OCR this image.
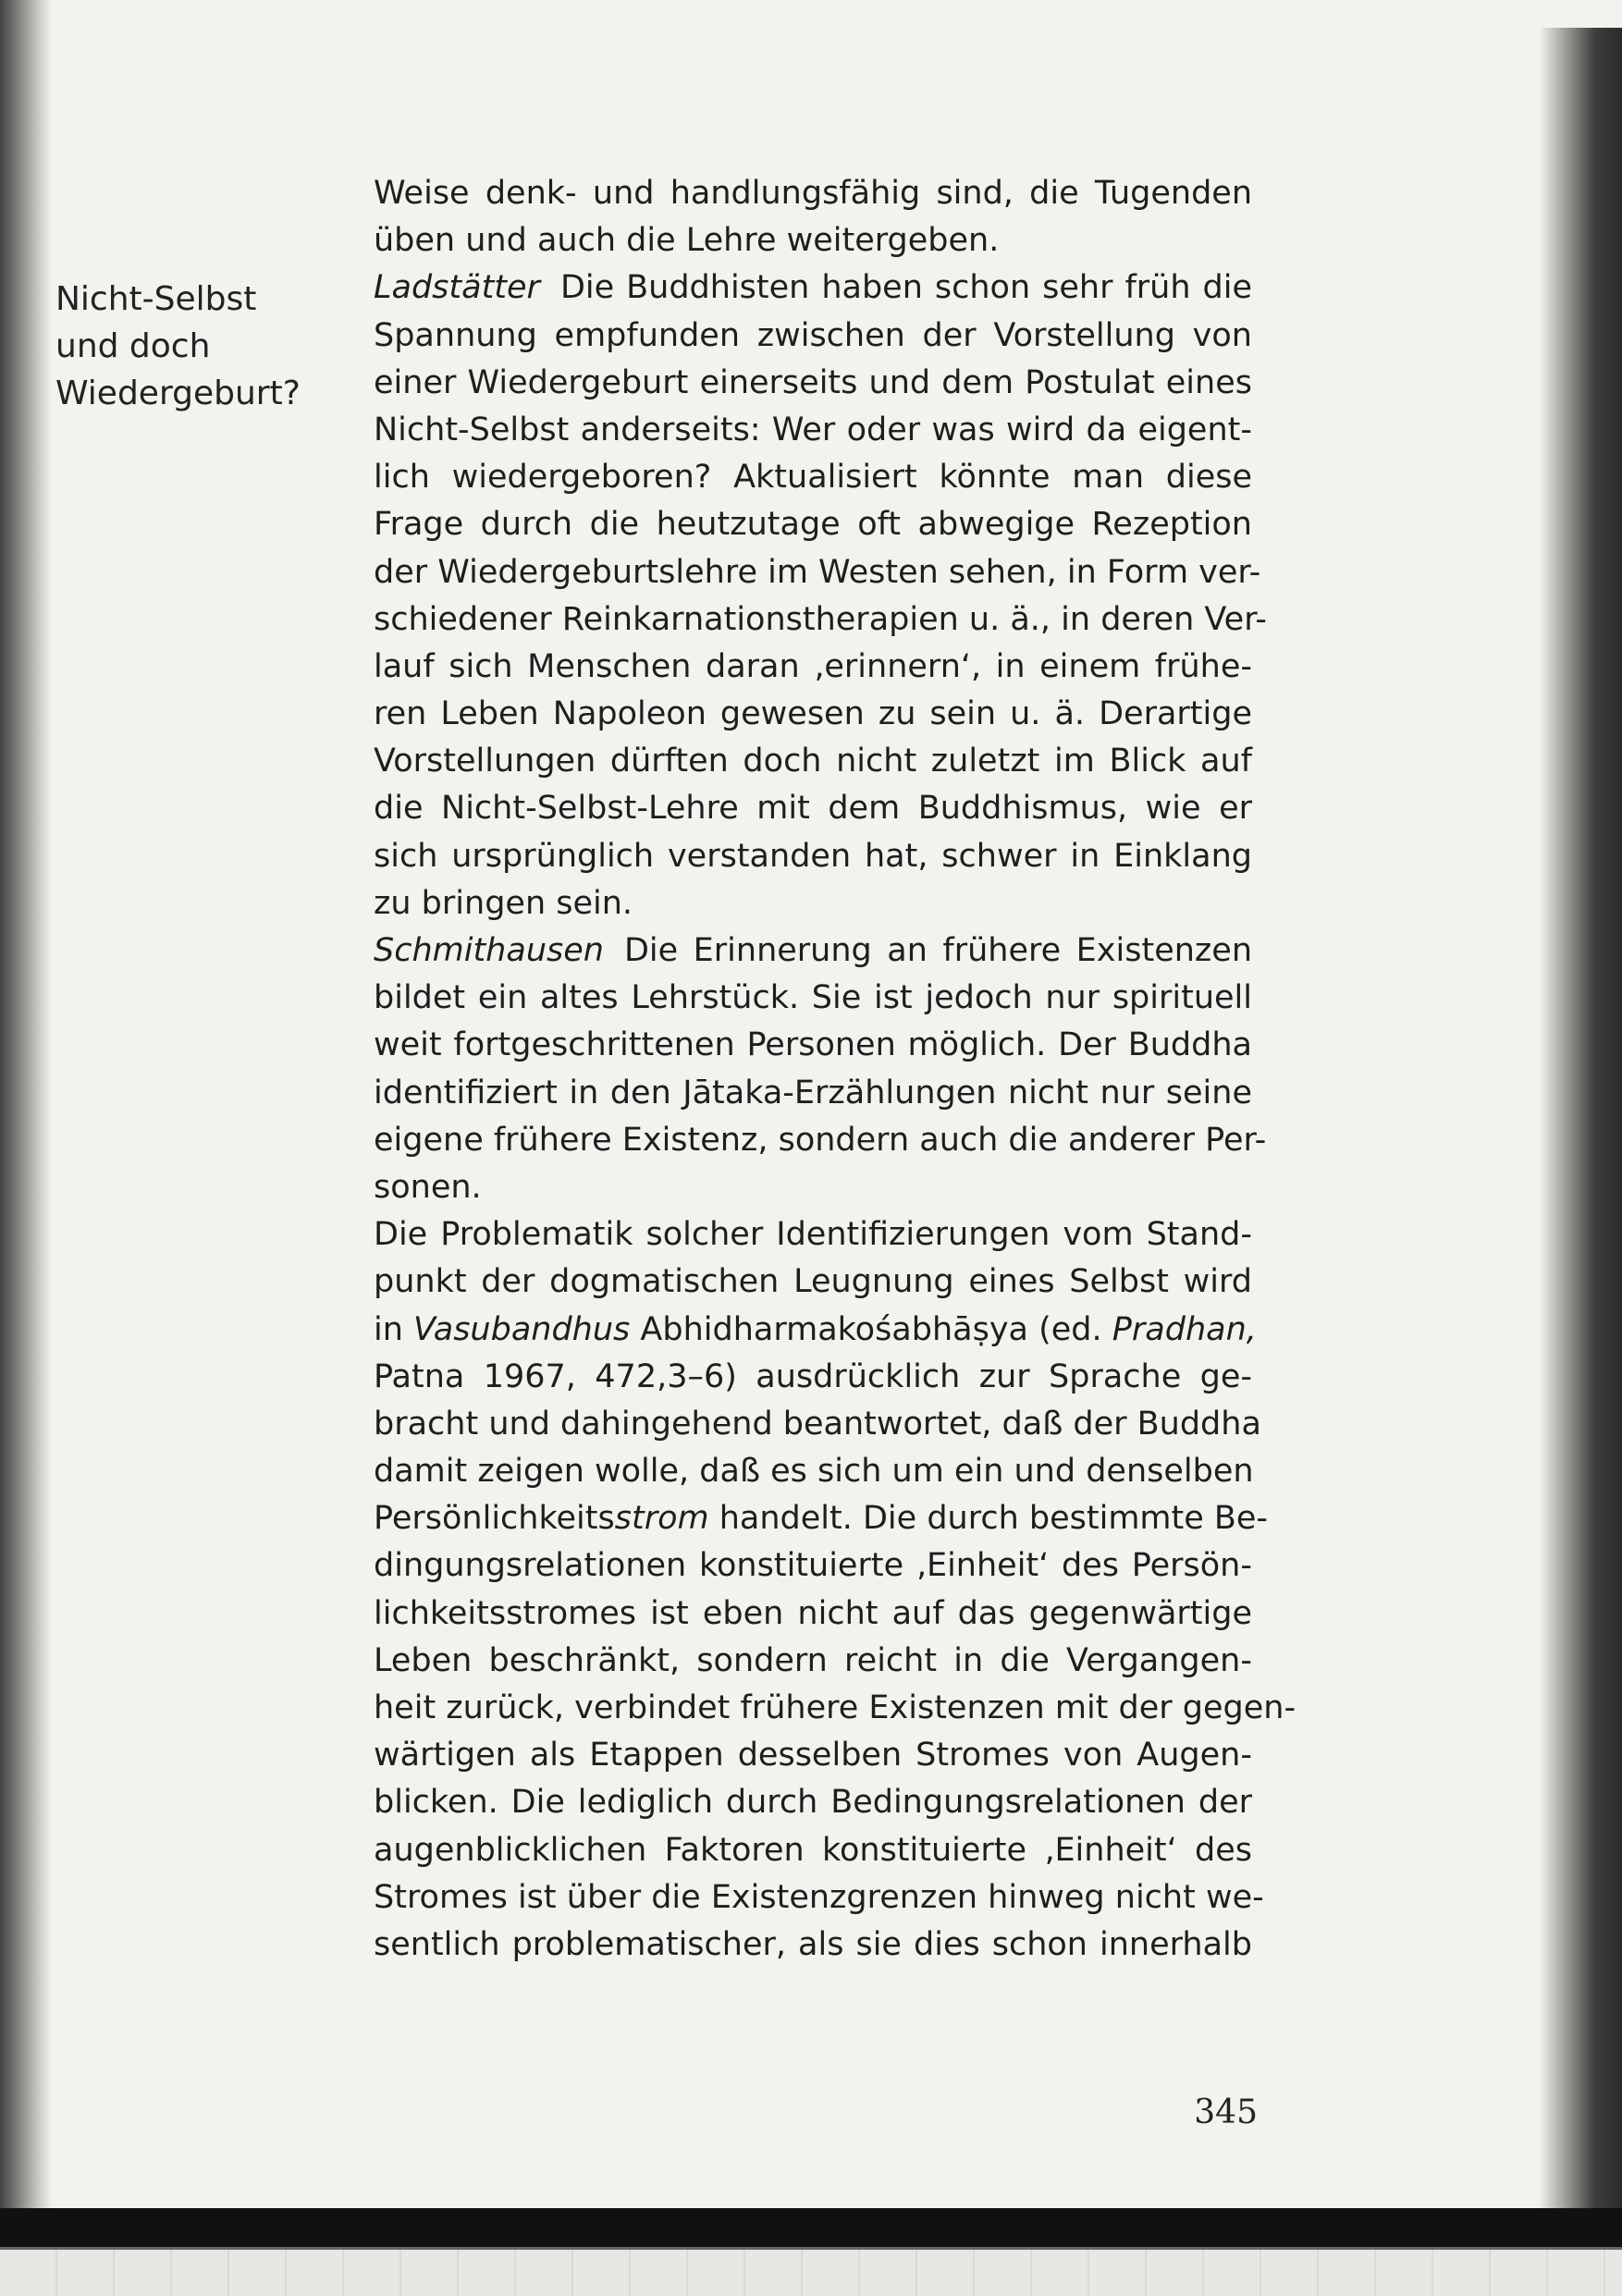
Nicht-Selbst
und doch
Wiedergeburt?
Weise denk- und handlungsfähig sind, die Tugenden
üben und auch die Lehre weitergeben.
Ladstätter Die Buddhisten haben schon sehr früh die
Spannung empfunden zwischen der Vorstellung von
einer Wiedergeburt einerseits und dem Postulat eines
Nicht-Selbst anderseits: Wer oder was wird da eigent-
lich wiedergeboren? Aktualisiert könnte man diese
Frage durch die heutzutage oft abwegige Rezeption
der Wiedergeburtslehre im Westen sehen, in Form ver-
schiedener Reinkarnationstherapien u. ä., in deren Ver-
lauf sich Menschen daran ‚erinnern‘, in einem frühe-
ren Leben Napoleon gewesen zu sein u. ä. Derartige
Vorstellungen dürften doch nicht zuletzt im Blick auf
die Nicht-Selbst-Lehre mit dem Buddhismus, wie er
sich ursprünglich verstanden hat, schwer in Einklang
zu bringen sein.
Schmithausen Die Erinnerung an frühere Existenzen
bildet ein altes Lehrstück. Sie ist jedoch nur spirituell
weit fortgeschrittenen Personen möglich. Der Buddha
identifiziert in den Jātaka-Erzählungen nicht nur seine
eigene frühere Existenz, sondern auch die anderer Per-
sonen.
Die Problematik solcher Identifizierungen vom Stand-
punkt der dogmatischen Leugnung eines Selbst wird
in Vasubandhus Abhidharmakośabhāṣya (ed. Pradhan,
Patna 1967, 472,3–6) ausdrücklich zur Sprache ge-
bracht und dahingehend beantwortet, daß der Buddha
damit zeigen wolle, daß es sich um ein und denselben
Persönlichkeitsstrom handelt. Die durch bestimmte Be-
dingungsrelationen konstituierte ‚Einheit‘ des Persön-
lichkeitsstromes ist eben nicht auf das gegenwärtige
Leben beschränkt, sondern reicht in die Vergangen-
heit zurück, verbindet frühere Existenzen mit der gegen-
wärtigen als Etappen desselben Stromes von Augen-
blicken. Die lediglich durch Bedingungsrelationen der
augenblicklichen Faktoren konstituierte ‚Einheit‘ des
Stromes ist über die Existenzgrenzen hinweg nicht we-
sentlich problematischer, als sie dies schon innerhalb
345
